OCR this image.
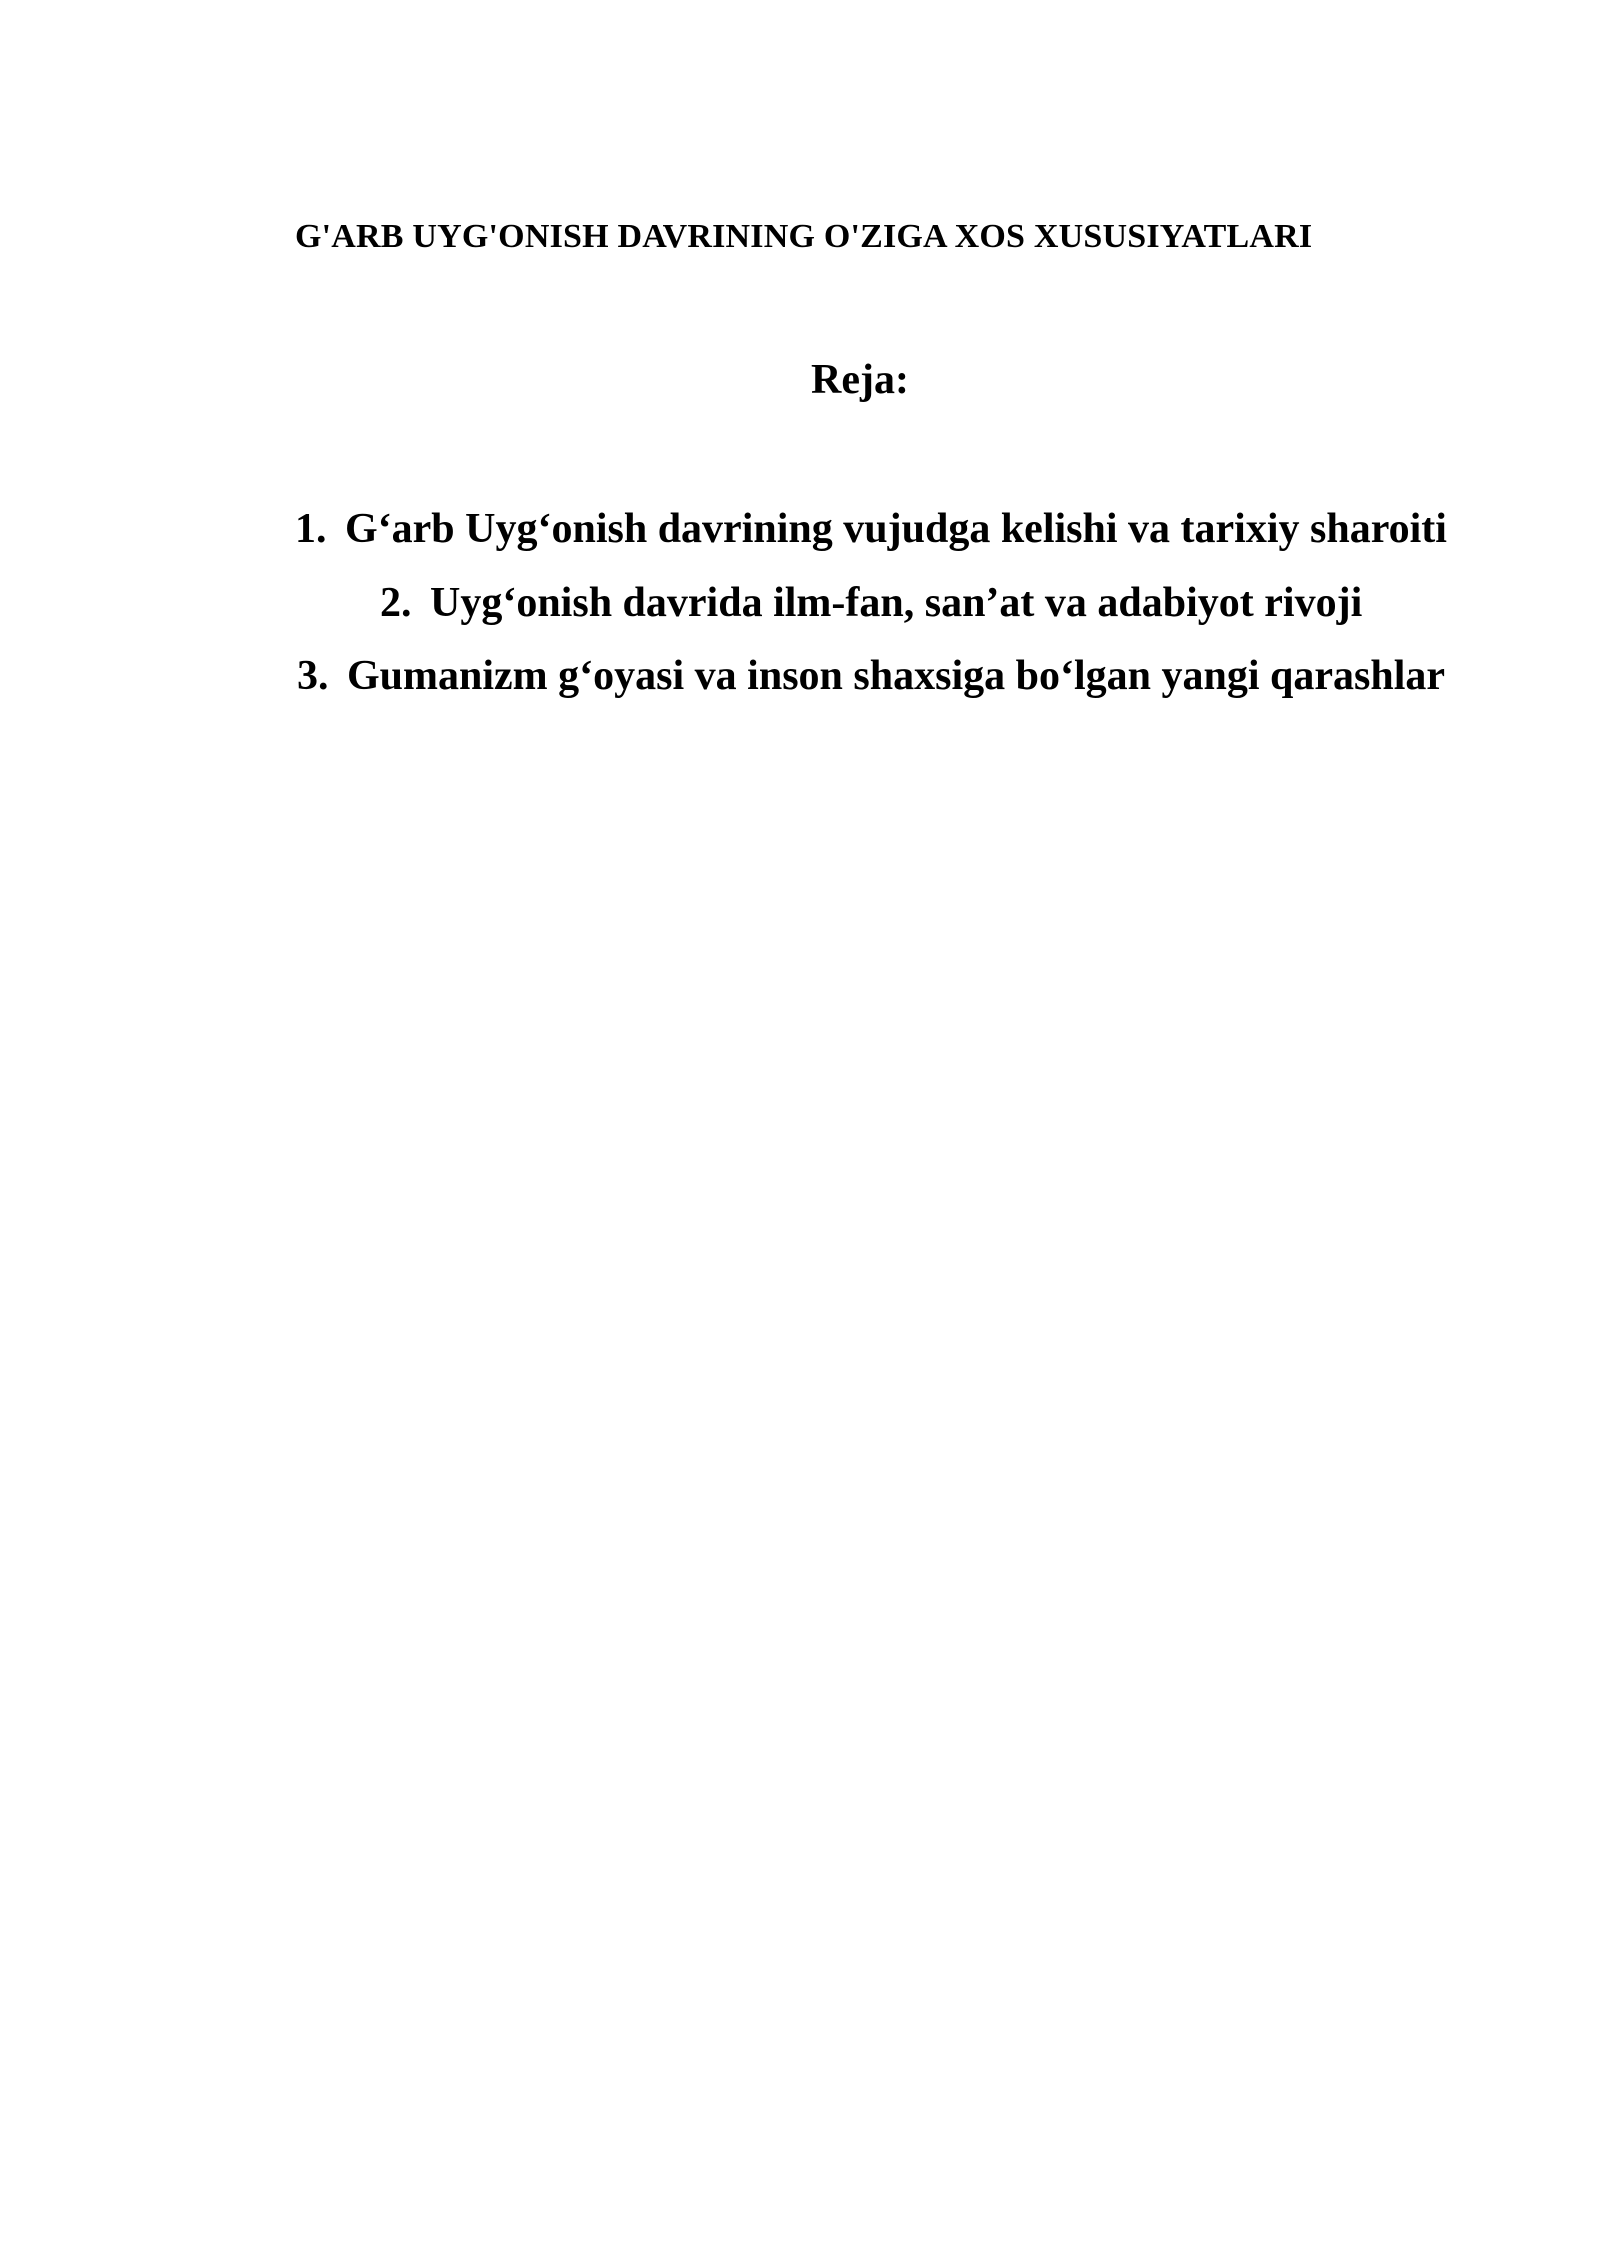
G'ARB UYG'ONISH DAVRINING O'ZIGA XOS XUSUSIYATLARI
Reja:
1. G‘arb Uyg‘onish davrining vujudga kelishi va tarixiy sharoiti
2. Uyg‘onish davrida ilm-fan, san’at va adabiyot rivoji
3. Gumanizm g‘oyasi va inson shaxsiga bo‘lgan yangi qarashlar
